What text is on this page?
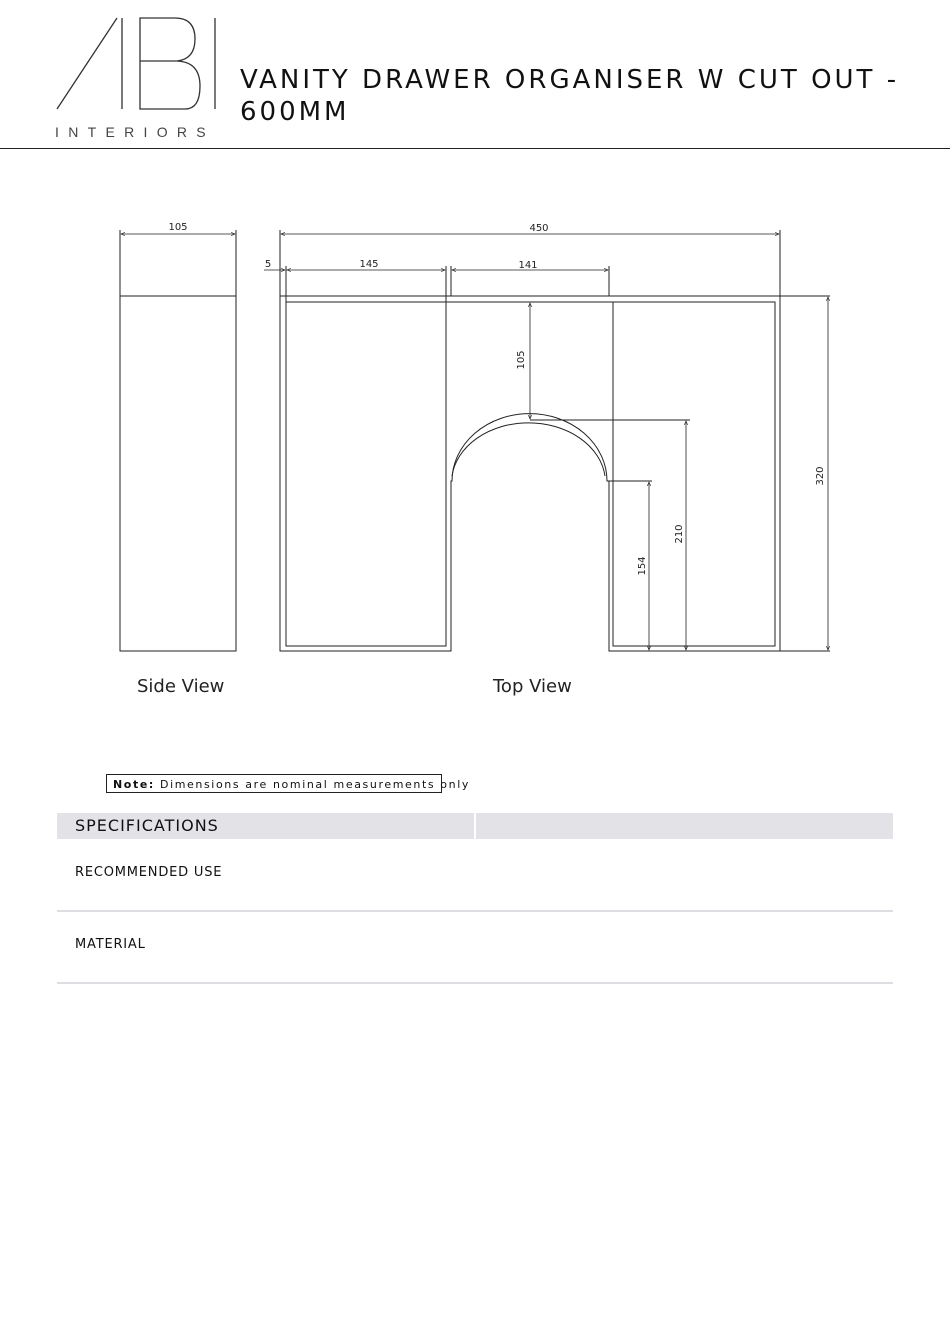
INTERIORS
VANITY DRAWER ORGANISER W CUT OUT - 600MM
105	450
5	145	141
105
320
210
154
Side View	Top View
Note: Dimensions are nominal measurements only
SPECIFICATIONS
RECOMMENDED USE
MATERIAL
